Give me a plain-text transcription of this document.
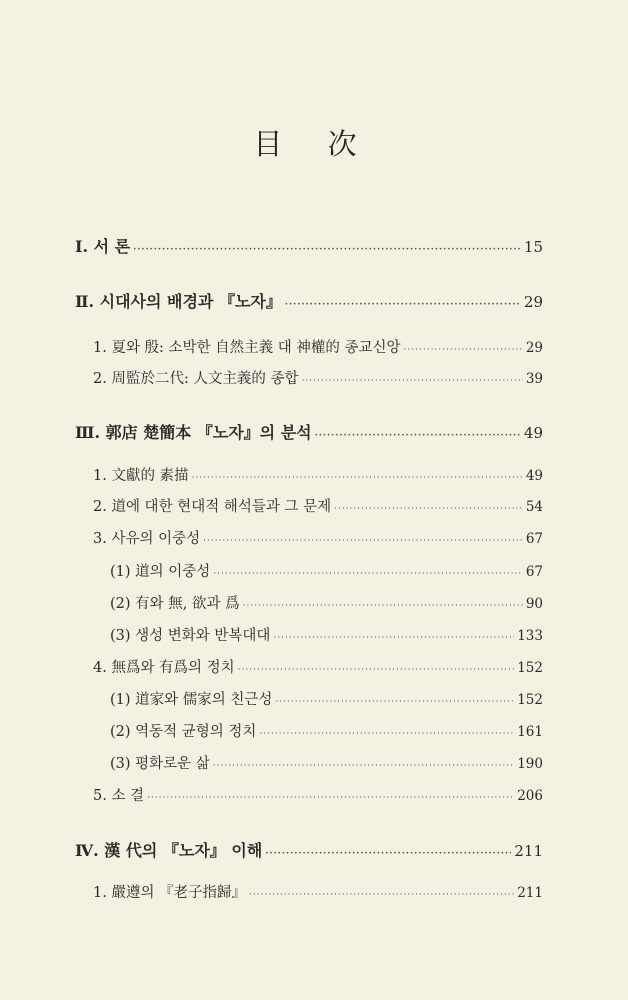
目 次
Ⅰ. 서 론 ·····	15
Ⅱ. 시대사의 배경과 『노자』 ·····	29
1. 夏와 殷: 소박한 自然主義 대 神權的 종교신앙 ·····	29
2. 周監於二代: 人文主義的 종합 ·····	39
Ⅲ. 郭店 楚簡本 『노자』의 분석 ·····	49
1. 文獻的 素描 ·····	49
2. 道에 대한 현대적 해석들과 그 문제 ·····	54
3. 사유의 이중성 ·····	67
(1) 道의 이중성 ·····	67
(2) 有와 無, 欲과 爲 ·····	90
(3) 생성 변화와 반복대대 ·····	133
4. 無爲와 有爲의 정치 ·····	152
(1) 道家와 儒家의 친근성 ·····	152
(2) 역동적 균형의 정치 ·····	161
(3) 평화로운 삶 ·····	190
5. 소 결 ·····	206
Ⅳ. 漢 代의 『노자』 이해 ·····	211
1. 嚴遵의 『老子指歸』 ·····	211
